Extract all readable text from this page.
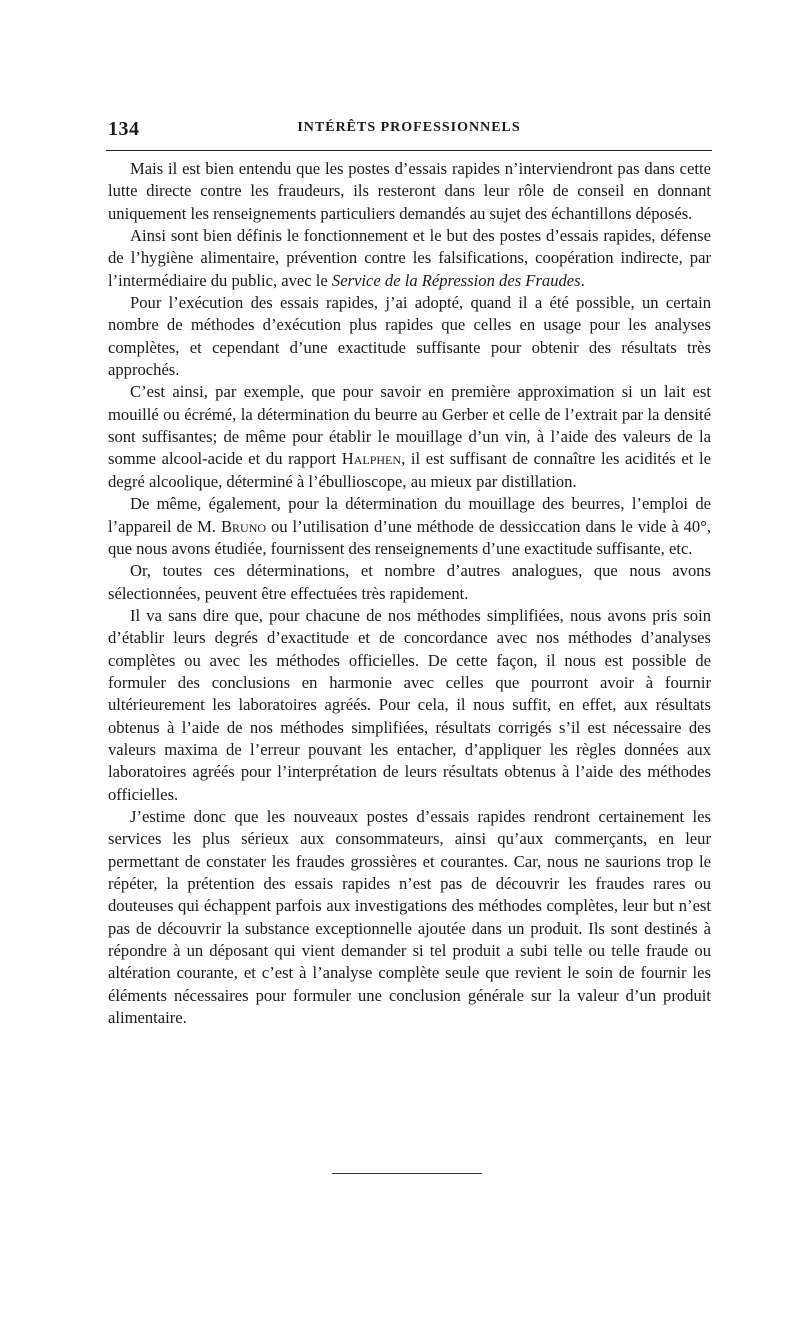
134	INTÉRÊTS PROFESSIONNELS

Mais il est bien entendu que les postes d’essais rapides n’interviendront pas dans cette lutte directe contre les fraudeurs, ils resteront dans leur rôle de conseil en donnant uniquement les renseignements particuliers demandés au sujet des échantillons déposés.

Ainsi sont bien définis le fonctionnement et le but des postes d’essais rapides, défense de l’hygiène alimentaire, prévention contre les falsifications, coopération indirecte, par l’intermédiaire du public, avec le Service de la Répression des Fraudes.

Pour l’exécution des essais rapides, j’ai adopté, quand il a été possible, un certain nombre de méthodes d’exécution plus rapides que celles en usage pour les analyses complètes, et cependant d’une exactitude suffisante pour obtenir des résultats très approchés.

C’est ainsi, par exemple, que pour savoir en première approximation si un lait est mouillé ou écrémé, la détermination du beurre au Gerber et celle de l’extrait par la densité sont suffisantes; de même pour établir le mouillage d’un vin, à l’aide des valeurs de la somme alcool-acide et du rapport Halphen, il est suffisant de connaître les acidités et le degré alcoolique, déterminé à l’ébullioscope, au mieux par distillation.

De même, également, pour la détermination du mouillage des beurres, l’emploi de l’appareil de M. Bruno ou l’utilisation d’une méthode de dessiccation dans le vide à 40°, que nous avons étudiée, fournissent des renseignements d’une exactitude suffisante, etc.

Or, toutes ces déterminations, et nombre d’autres analogues, que nous avons sélectionnées, peuvent être effectuées très rapidement.

Il va sans dire que, pour chacune de nos méthodes simplifiées, nous avons pris soin d’établir leurs degrés d’exactitude et de concordance avec nos méthodes d’analyses complètes ou avec les méthodes officielles. De cette façon, il nous est possible de formuler des conclusions en harmonie avec celles que pourront avoir à fournir ultérieurement les laboratoires agréés. Pour cela, il nous suffit, en effet, aux résultats obtenus à l’aide de nos méthodes simplifiées, résultats corrigés s’il est nécessaire des valeurs maxima de l’erreur pouvant les entacher, d’appliquer les règles données aux laboratoires agréés pour l’interprétation de leurs résultats obtenus à l’aide des méthodes officielles.

J’estime donc que les nouveaux postes d’essais rapides rendront certainement les services les plus sérieux aux consommateurs, ainsi qu’aux commerçants, en leur permettant de constater les fraudes grossières et courantes. Car, nous ne saurions trop le répéter, la prétention des essais rapides n’est pas de découvrir les fraudes rares ou douteuses qui échappent parfois aux investigations des méthodes complètes, leur but n’est pas de découvrir la substance exceptionnelle ajoutée dans un produit. Ils sont destinés à répondre à un déposant qui vient demander si tel produit a subi telle ou telle fraude ou altération courante, et c’est à l’analyse complète seule que revient le soin de fournir les éléments nécessaires pour formuler une conclusion générale sur la valeur d’un produit alimentaire.
